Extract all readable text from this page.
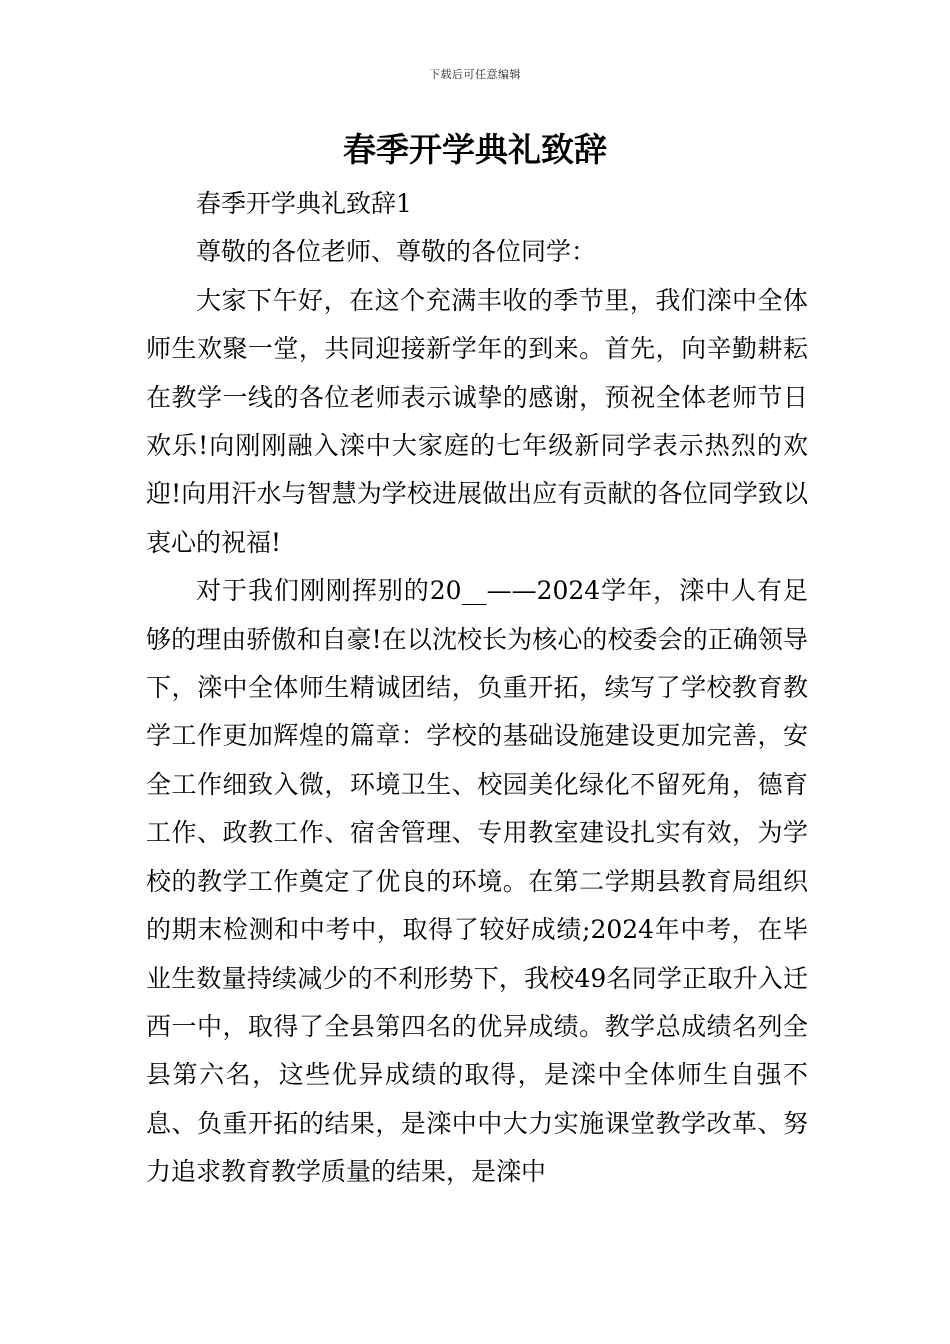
下载后可任意编辑
春季开学典礼致辞

春季开学典礼致辞1

尊敬的各位老师、尊敬的各位同学：

大家下午好，在这个充满丰收的季节里，我们滦中全体师生欢聚一堂，共同迎接新学年的到来。首先，向辛勤耕耘在教学一线的各位老师表示诚挚的感谢，预祝全体老师节日欢乐!向刚刚融入滦中大家庭的七年级新同学表示热烈的欢迎!向用汗水与智慧为学校进展做出应有贡献的各位同学致以衷心的祝福!

对于我们刚刚挥别的20__——2024学年，滦中人有足够的理由骄傲和自豪!在以沈校长为核心的校委会的正确领导下，滦中全体师生精诚团结，负重开拓，续写了学校教育教学工作更加辉煌的篇章：学校的基础设施建设更加完善，安全工作细致入微，环境卫生、校园美化绿化不留死角，德育工作、政教工作、宿舍管理、专用教室建设扎实有效，为学校的教学工作奠定了优良的环境。在第二学期县教育局组织的期末检测和中考中，取得了较好成绩;2024年中考，在毕业生数量持续减少的不利形势下，我校49名同学正取升入迁西一中，取得了全县第四名的优异成绩。教学总成绩名列全县第六名，这些优异成绩的取得，是滦中全体师生自强不息、负重开拓的结果，是滦中中大力实施课堂教学改革、努力追求教育教学质量的结果，是滦中
